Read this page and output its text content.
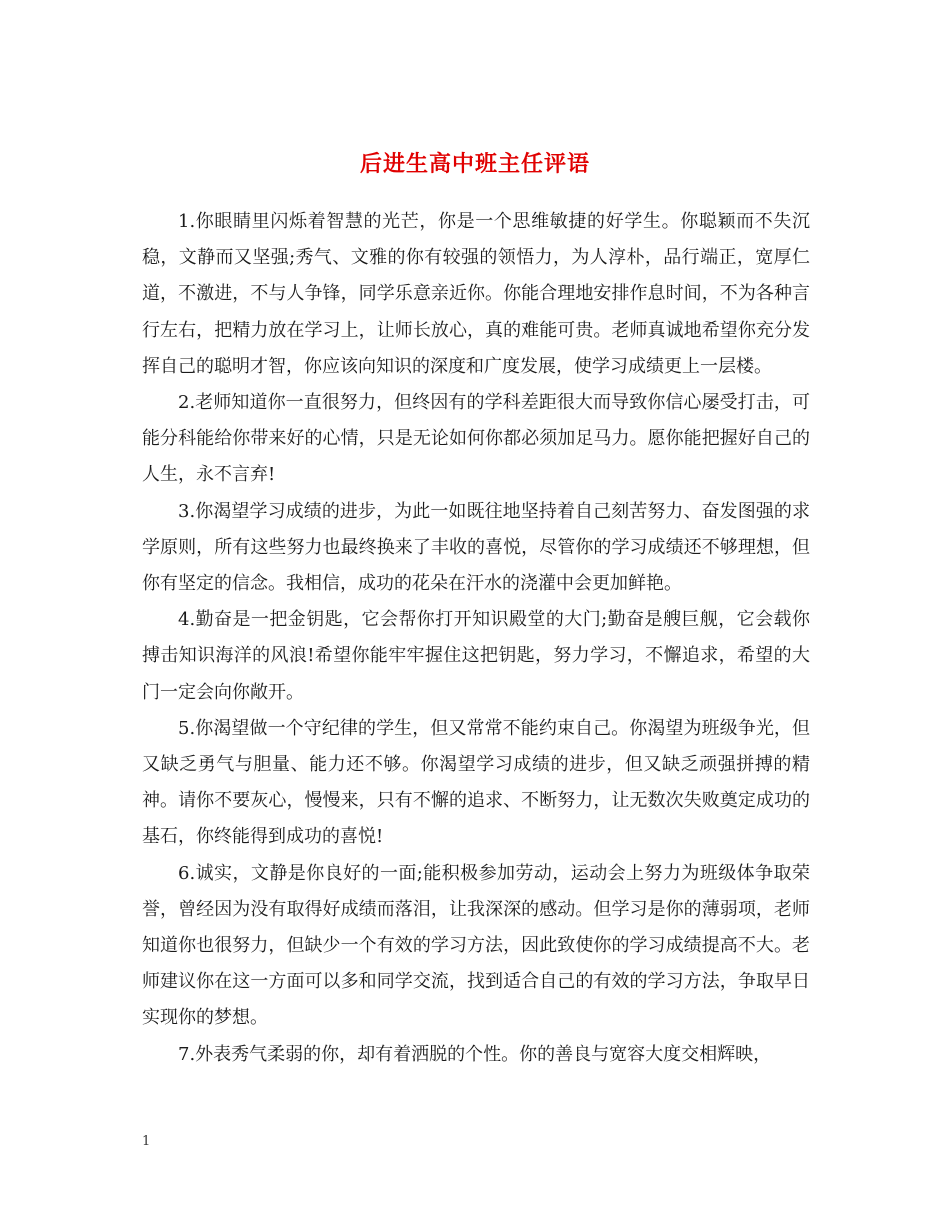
后进生高中班主任评语

1.你眼睛里闪烁着智慧的光芒，你是一个思维敏捷的好学生。你聪颖而不失沉稳，文静而又坚强;秀气、文雅的你有较强的领悟力，为人淳朴，品行端正，宽厚仁道，不激进，不与人争锋，同学乐意亲近你。你能合理地安排作息时间，不为各种言行左右，把精力放在学习上，让师长放心，真的难能可贵。老师真诚地希望你充分发挥自己的聪明才智，你应该向知识的深度和广度发展，使学习成绩更上一层楼。

2.老师知道你一直很努力，但终因有的学科差距很大而导致你信心屡受打击，可能分科能给你带来好的心情，只是无论如何你都必须加足马力。愿你能把握好自己的人生，永不言弃!

3.你渴望学习成绩的进步，为此一如既往地坚持着自己刻苦努力、奋发图强的求学原则，所有这些努力也最终换来了丰收的喜悦，尽管你的学习成绩还不够理想，但你有坚定的信念。我相信，成功的花朵在汗水的浇灌中会更加鲜艳。

4.勤奋是一把金钥匙，它会帮你打开知识殿堂的大门;勤奋是艘巨舰，它会载你搏击知识海洋的风浪!希望你能牢牢握住这把钥匙，努力学习，不懈追求，希望的大门一定会向你敞开。

5.你渴望做一个守纪律的学生，但又常常不能约束自己。你渴望为班级争光，但又缺乏勇气与胆量、能力还不够。你渴望学习成绩的进步，但又缺乏顽强拼搏的精神。请你不要灰心，慢慢来，只有不懈的追求、不断努力，让无数次失败奠定成功的基石，你终能得到成功的喜悦!

6.诚实，文静是你良好的一面;能积极参加劳动，运动会上努力为班级体争取荣誉，曾经因为没有取得好成绩而落泪，让我深深的感动。但学习是你的薄弱项，老师知道你也很努力，但缺少一个有效的学习方法，因此致使你的学习成绩提高不大。老师建议你在这一方面可以多和同学交流，找到适合自己的有效的学习方法，争取早日实现你的梦想。

7.外表秀气柔弱的你，却有着洒脱的个性。你的善良与宽容大度交相辉映，

1
